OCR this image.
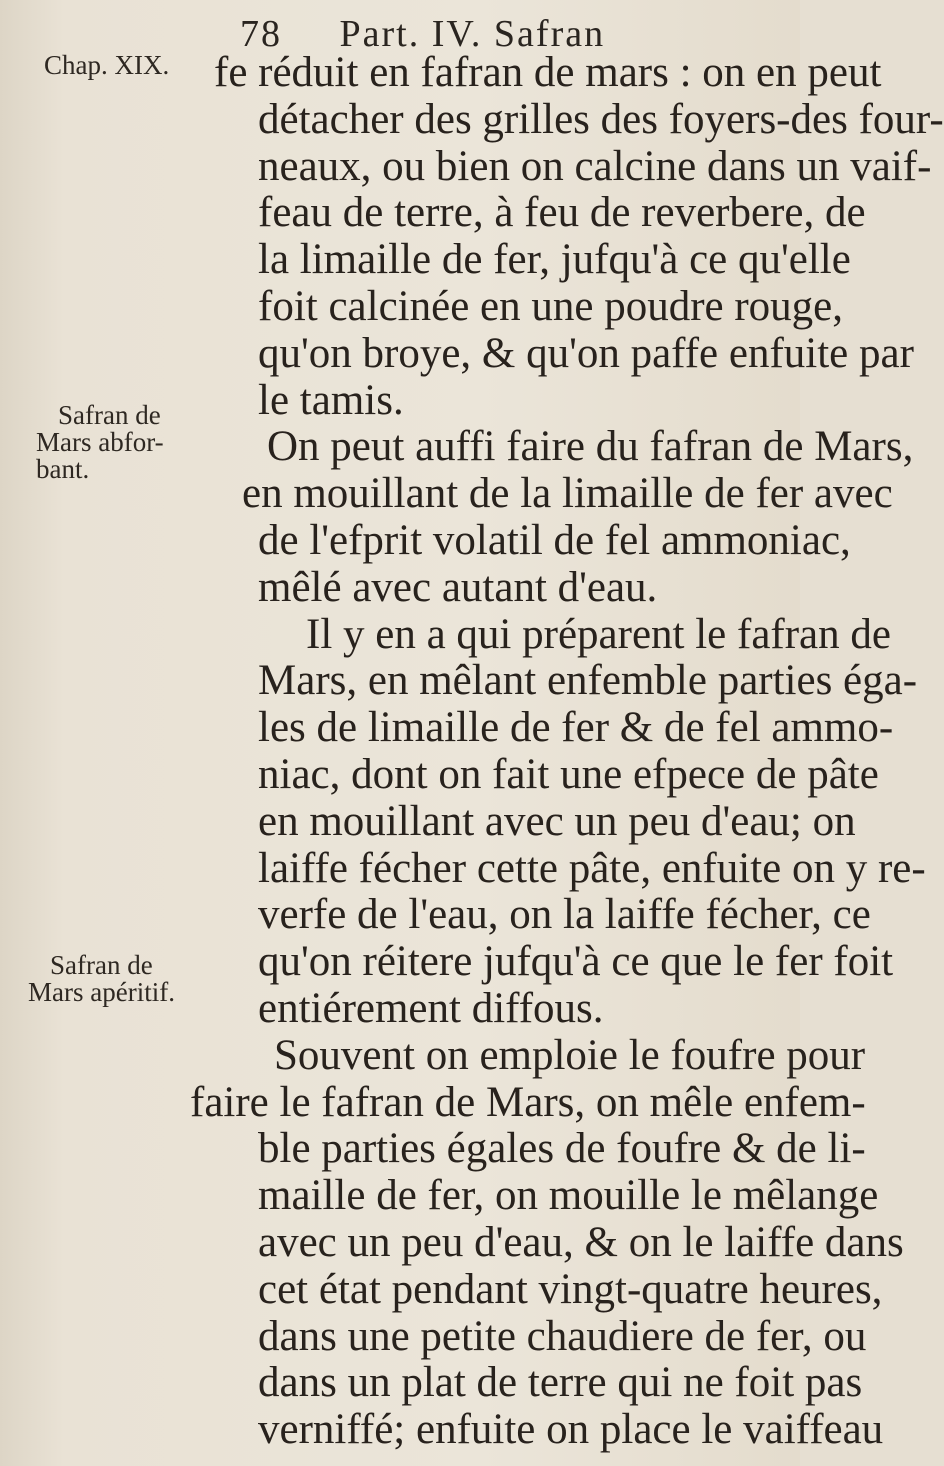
78 Part. IV. Safran
Chap. XIX.
Safran de
Mars abfor-
bant.
Safran de
Mars apéritif.
fe réduit en fafran de mars : on en peut
détacher des grilles des foyers-des four-
neaux, ou bien on calcine dans un vaif-
feau de terre, à feu de reverbere, de
la limaille de fer, jufqu'à ce qu'elle
foit calcinée en une poudre rouge,
qu'on broye, & qu'on paffe enfuite par
le tamis.
On peut auffi faire du fafran de Mars,
en mouillant de la limaille de fer avec
de l'efprit volatil de fel ammoniac,
mêlé avec autant d'eau.
Il y en a qui préparent le fafran de
Mars, en mêlant enfemble parties éga-
les de limaille de fer & de fel ammo-
niac, dont on fait une efpece de pâte
en mouillant avec un peu d'eau; on
laiffe fécher cette pâte, enfuite on y re-
verfe de l'eau, on la laiffe fécher, ce
qu'on réitere jufqu'à ce que le fer foit
entiérement diffous.
Souvent on emploie le foufre pour
faire le fafran de Mars, on mêle enfem-
ble parties égales de foufre & de li-
maille de fer, on mouille le mêlange
avec un peu d'eau, & on le laiffe dans
cet état pendant vingt-quatre heures,
dans une petite chaudiere de fer, ou
dans un plat de terre qui ne foit pas
verniffé; enfuite on place le vaiffeau
